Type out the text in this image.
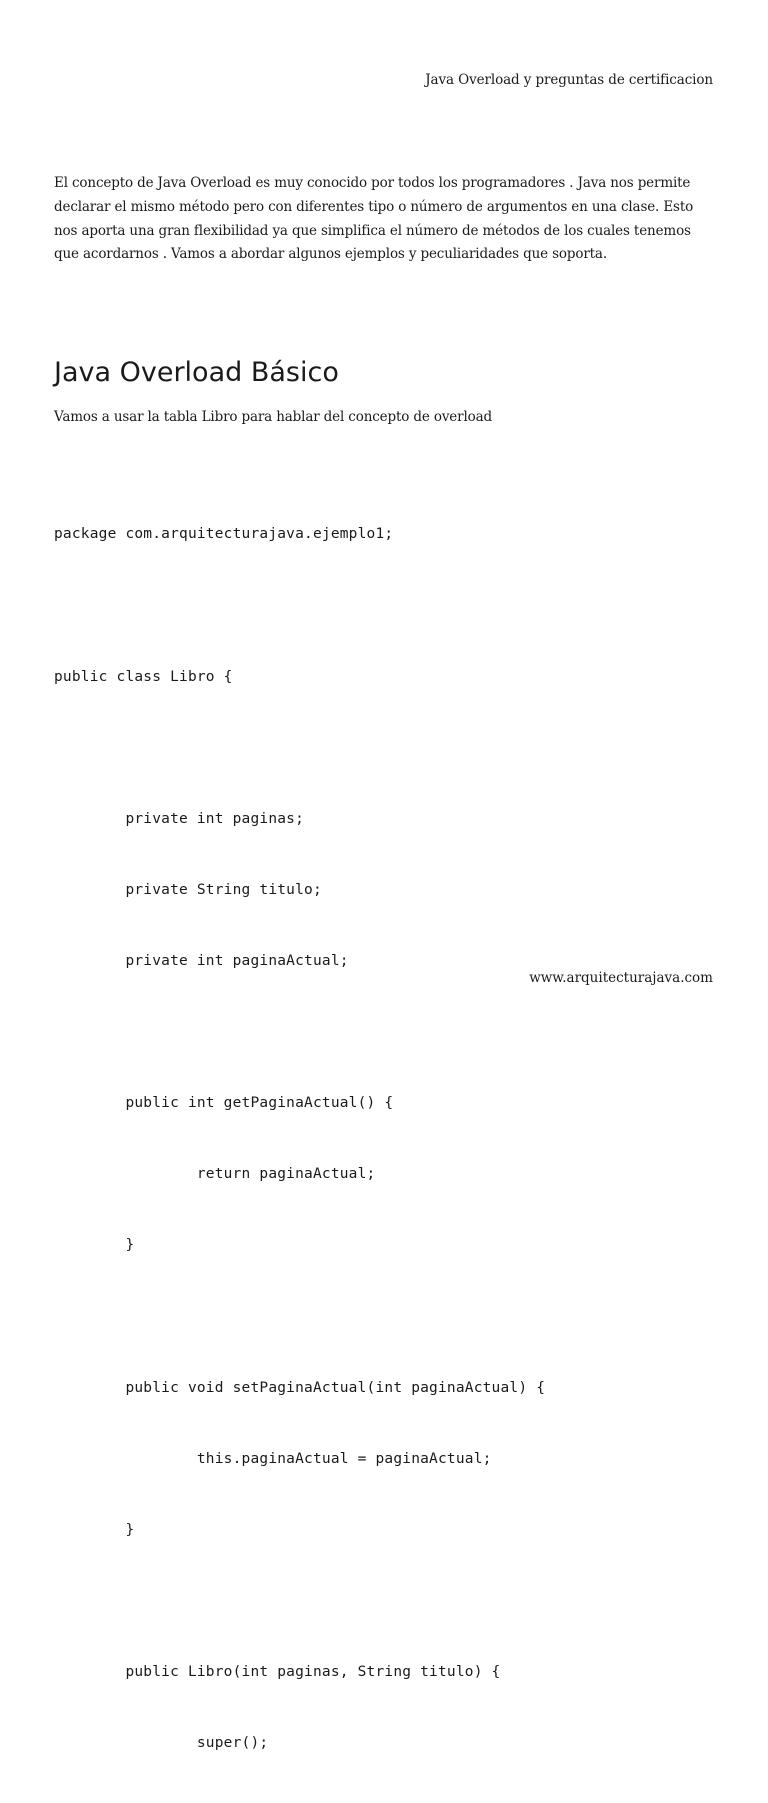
Java Overload y preguntas de certificacion

El concepto de Java Overload es muy conocido por todos los programadores . Java nos permite declarar el mismo método pero con diferentes tipo o número de argumentos en una clase. Esto nos aporta una gran flexibilidad ya que simplifica el número de métodos de los cuales tenemos que acordarnos . Vamos a abordar algunos ejemplos y peculiaridades que soporta.

Java Overload Básico

Vamos a usar la tabla Libro para hablar del concepto de overload

package com.arquitecturajava.ejemplo1;

public class Libro {

private int paginas;

private String titulo;

private int paginaActual;

public int getPaginaActual() {

return paginaActual;

}

public void setPaginaActual(int paginaActual) {

this.paginaActual = paginaActual;

}

public Libro(int paginas, String titulo) {

super();

www.arquitecturajava.com
